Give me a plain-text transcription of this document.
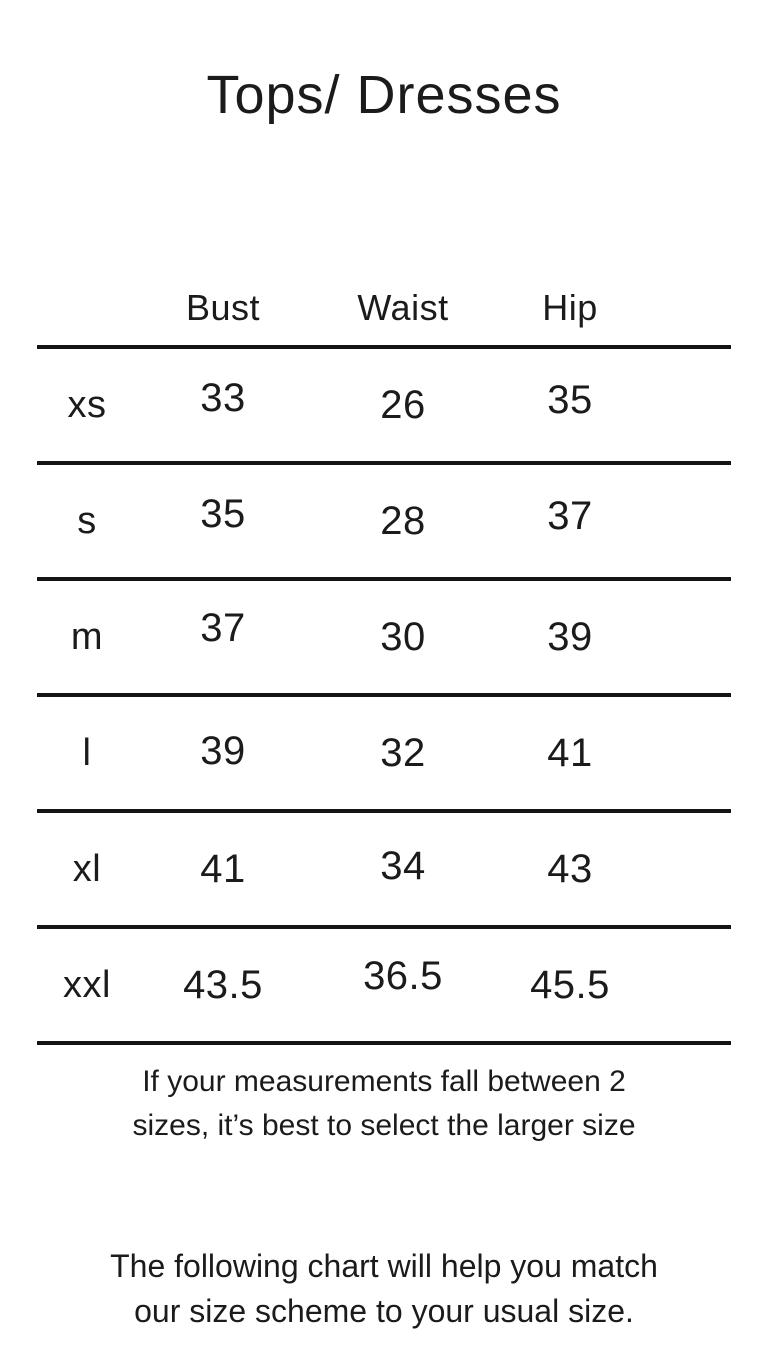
Tops/ Dresses
Bust	Waist	Hip
xs	33	26	35
s	35	28	37
m	37	30	39
l	39	32	41
xl	41	34	43
xxl	43.5	36.5	45.5
If your measurements fall between 2
sizes, it’s best to select the larger size
The following chart will help you match
our size scheme to your usual size.
